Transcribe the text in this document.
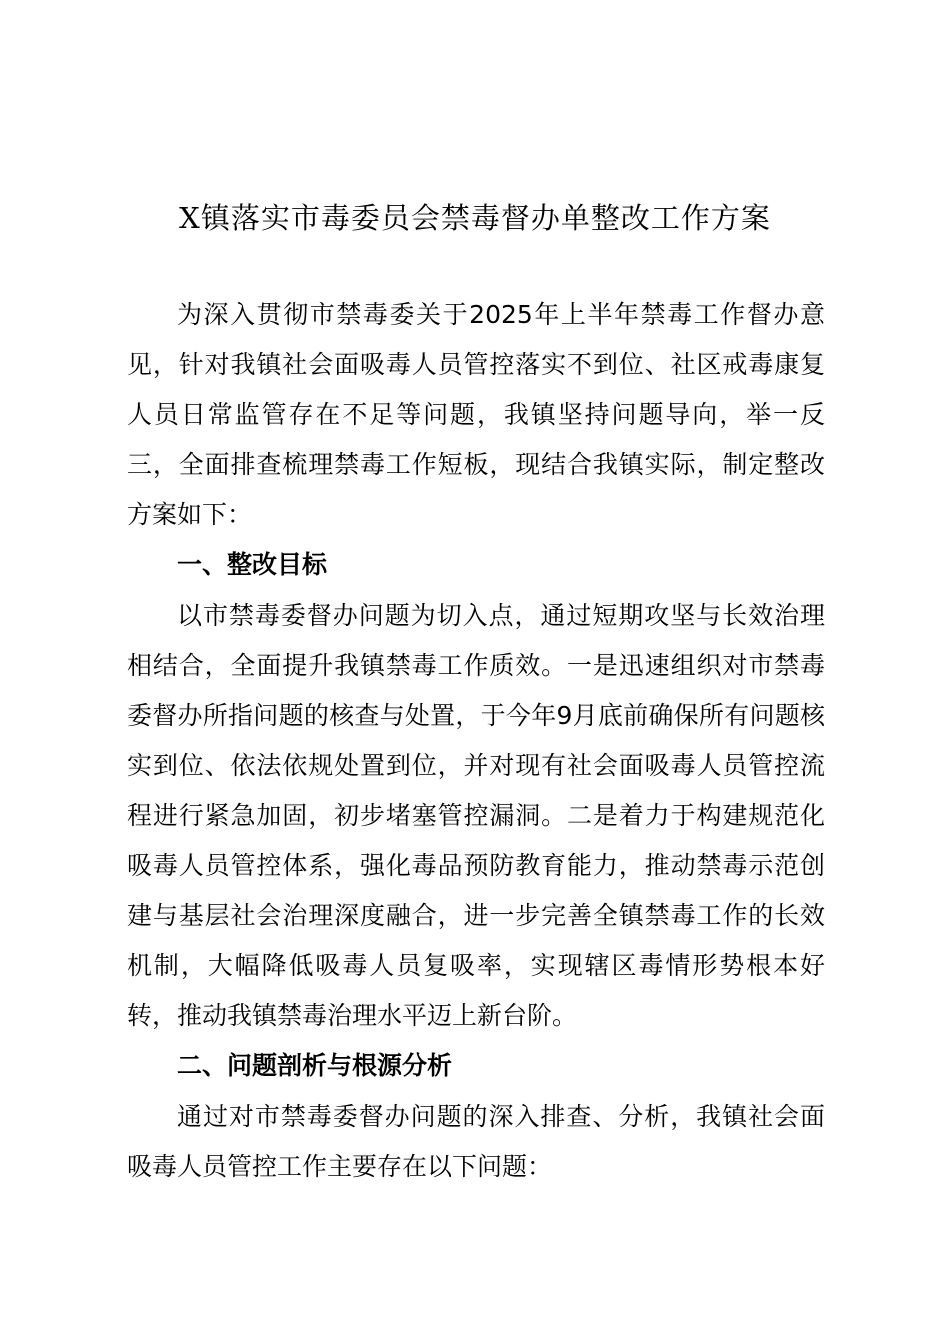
X镇落实市毒委员会禁毒督办单整改工作方案

为深入贯彻市禁毒委关于2025年上半年禁毒工作督办意见，针对我镇社会面吸毒人员管控落实不到位、社区戒毒康复人员日常监管存在不足等问题，我镇坚持问题导向，举一反三，全面排查梳理禁毒工作短板，现结合我镇实际，制定整改方案如下：

一、整改目标

以市禁毒委督办问题为切入点，通过短期攻坚与长效治理相结合，全面提升我镇禁毒工作质效。一是迅速组织对市禁毒委督办所指问题的核查与处置，于今年9月底前确保所有问题核实到位、依法依规处置到位，并对现有社会面吸毒人员管控流程进行紧急加固，初步堵塞管控漏洞。二是着力于构建规范化吸毒人员管控体系，强化毒品预防教育能力，推动禁毒示范创建与基层社会治理深度融合，进一步完善全镇禁毒工作的长效机制，大幅降低吸毒人员复吸率，实现辖区毒情形势根本好转，推动我镇禁毒治理水平迈上新台阶。

二、问题剖析与根源分析

通过对市禁毒委督办问题的深入排查、分析，我镇社会面吸毒人员管控工作主要存在以下问题：
